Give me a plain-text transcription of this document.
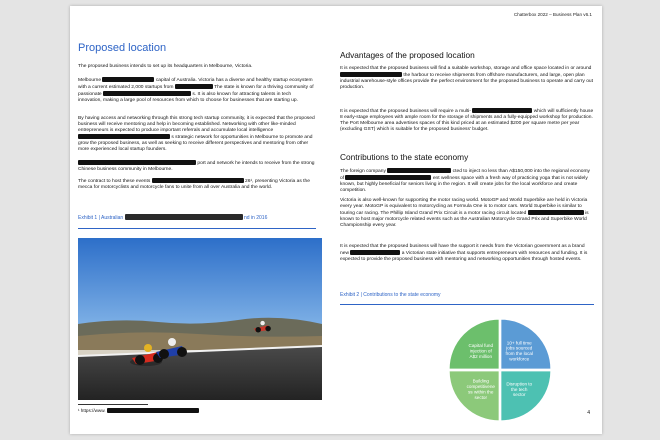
Chatterbox 2022 – Business Plan v6.1
Proposed location

The proposed business intends to set up its headquarters in Melbourne, Victoria.

Melbourne	capital of Australia. Victoria has a diverse and healthy startup ecosystem with a current estimated 2,000 startups from	The state is known for a thriving community of passionate	s. It is also known for attracting talents in tech innovation, making a large pool of resources from which to choose for businesses that are starting up.

By having access and networking through this strong tech startup community, it is expected that the proposed business will receive mentoring and help in becoming established. Networking with other like-minded entrepreneurs is expected to produce important referrals and accumulate local intelligence  s strategic network for opportunities in Melbourne to promote and grow the proposed business, as well as seeking to receive different perspectives and mentoring from other more experienced local startup founders.

port and network he intends to receive from the strong Chinese business community in Melbourne.

The contract to host these events	26¹, presenting Victoria as the mecca for motorcyclists and motorcycle fans to unite from all over Australia and the world.

Exhibit 1 | Australian	nd in 2016
¹ https://www.
Advantages of the proposed location

It is expected that the proposed business will find a suitable workshop, storage and office space located in or around  the harbour to receive shipments from offshore manufacturers, and large, open plan industrial warehouse-style offices provide the perfect environment for the proposed business to operate and carry out production.

It is expected that the proposed business will require a multi-	which will sufficiently house 8 early-stage employees with ample room for the storage of shipments and a fully-equipped workshop for production. The Port Melbourne area advertises spaces of this kind priced at an estimated $200 per square metre per year (excluding GST) which is suitable for the proposed business' budget.

Contributions to the state economy

The foreign company	cted to inject no less than A$150,000 into the regional economy of	ent wellness space with a fresh way of practicing yoga that is not widely known, but highly beneficial for seniors living in the region. It will create jobs for the local workforce and create competition.

Victoria is also well-known for supporting the motor racing world. MotoGP and World Superbike are held in Victoria every year. MotoGP is equivalent to motorcycling as Formula One is to motor cars. World Superbike is similar to touring car racing. The Phillip Island Grand Prix Circuit is a motor racing circuit located	is known to host major motorcycle related events such as the Australian Motorcycle Grand Prix and Superbike World Championship every year.

It is expected that the proposed business will have the support it needs from the Victorian government as a brand new	a Victorian state initiative that supports entrepreneurs with resources and funding. It is expected to provide the proposed business with mentoring and networking opportunities through hosted events.

Exhibit 2 | Contributions to the state economy
10+ full time jobs sourced from the local workforce
Disruption to the tech sector
Building competitivene ss within the sector
Capital fund injection of A$2 million
4
